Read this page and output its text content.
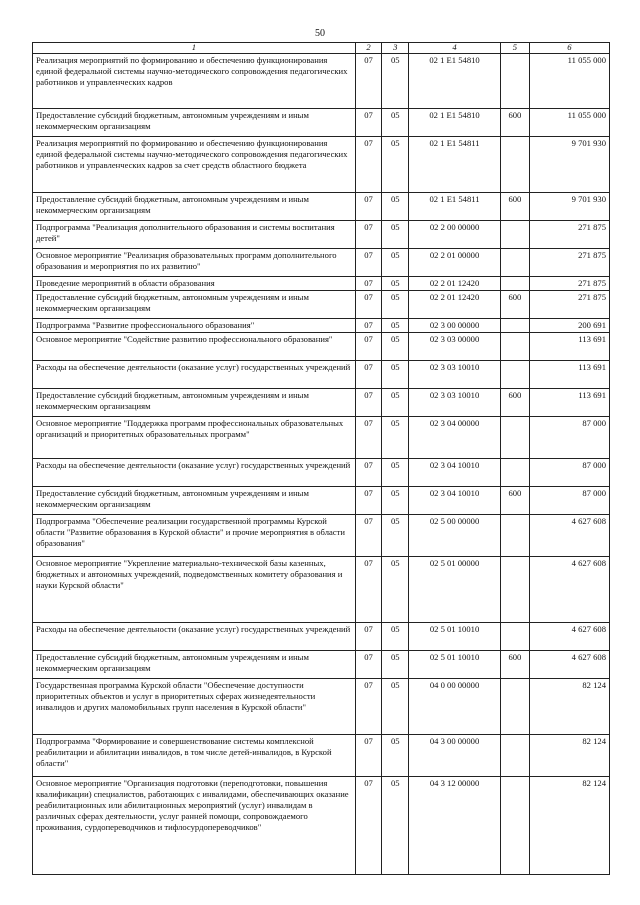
50
1	2	3	4	5	6
Реализация мероприятий по формированию и обеспечению функционирования единой федеральной системы научно-методического сопровождения педагогических работников и управленческих кадров	07	05	02 1 E1 54810		11 055 000
Предоставление субсидий бюджетным, автономным учреждениям и иным некоммерческим организациям	07	05	02 1 E1 54810	600	11 055 000
Реализация мероприятий по формированию и обеспечению функционирования единой федеральной системы научно-методического сопровождения педагогических работников и управленческих кадров за счет средств областного бюджета	07	05	02 1 E1 54811		9 701 930
Предоставление субсидий бюджетным, автономным учреждениям и иным некоммерческим организациям	07	05	02 1 E1 54811	600	9 701 930
Подпрограмма "Реализация дополнительного образования и системы воспитания детей"	07	05	02 2 00 00000		271 875
Основное мероприятие "Реализация образовательных программ дополнительного образования и мероприятия по их развитию"	07	05	02 2 01 00000		271 875
Проведение мероприятий в области образования	07	05	02 2 01 12420		271 875
Предоставление субсидий бюджетным, автономным учреждениям и иным некоммерческим организациям	07	05	02 2 01 12420	600	271 875
Подпрограмма "Развитие профессионального образования"	07	05	02 3 00 00000		200 691
Основное мероприятие "Содействие развитию профессионального образования"	07	05	02 3 03 00000		113 691
Расходы на обеспечение деятельности (оказание услуг) государственных учреждений	07	05	02 3 03 10010		113 691
Предоставление субсидий бюджетным, автономным учреждениям и иным некоммерческим организациям	07	05	02 3 03 10010	600	113 691
Основное мероприятие "Поддержка программ профессиональных образовательных организаций и приоритетных образовательных программ"	07	05	02 3 04 00000		87 000
Расходы на обеспечение деятельности (оказание услуг) государственных учреждений	07	05	02 3 04 10010		87 000
Предоставление субсидий бюджетным, автономным учреждениям и иным некоммерческим организациям	07	05	02 3 04 10010	600	87 000
Подпрограмма "Обеспечение реализации государственной программы Курской области "Развитие образования в Курской области" и прочие мероприятия в области образования"	07	05	02 5 00 00000		4 627 608
Основное мероприятие "Укрепление материально-технической базы казенных, бюджетных и автономных учреждений, подведомственных комитету образования и науки Курской области"	07	05	02 5 01 00000		4 627 608
Расходы на обеспечение деятельности (оказание услуг) государственных учреждений	07	05	02 5 01 10010		4 627 608
Предоставление субсидий бюджетным, автономным учреждениям и иным некоммерческим организациям	07	05	02 5 01 10010	600	4 627 608
Государственная программа Курской области "Обеспечение доступности приоритетных объектов и услуг в приоритетных сферах жизнедеятельности инвалидов и других маломобильных групп населения в Курской области"	07	05	04 0 00 00000		82 124
Подпрограмма "Формирование и совершенствование системы комплексной реабилитации и абилитации инвалидов, в том числе детей-инвалидов, в Курской области"	07	05	04 3 00 00000		82 124
Основное мероприятие "Организация подготовки (переподготовки, повышения квалификации) специалистов, работающих с инвалидами, обеспечивающих оказание реабилитационных или абилитационных мероприятий (услуг) инвалидам в различных сферах деятельности, услуг ранней помощи, сопровождаемого проживания, сурдопереводчиков и тифлосурдопереводчиков"	07	05	04 3 12 00000		82 124
